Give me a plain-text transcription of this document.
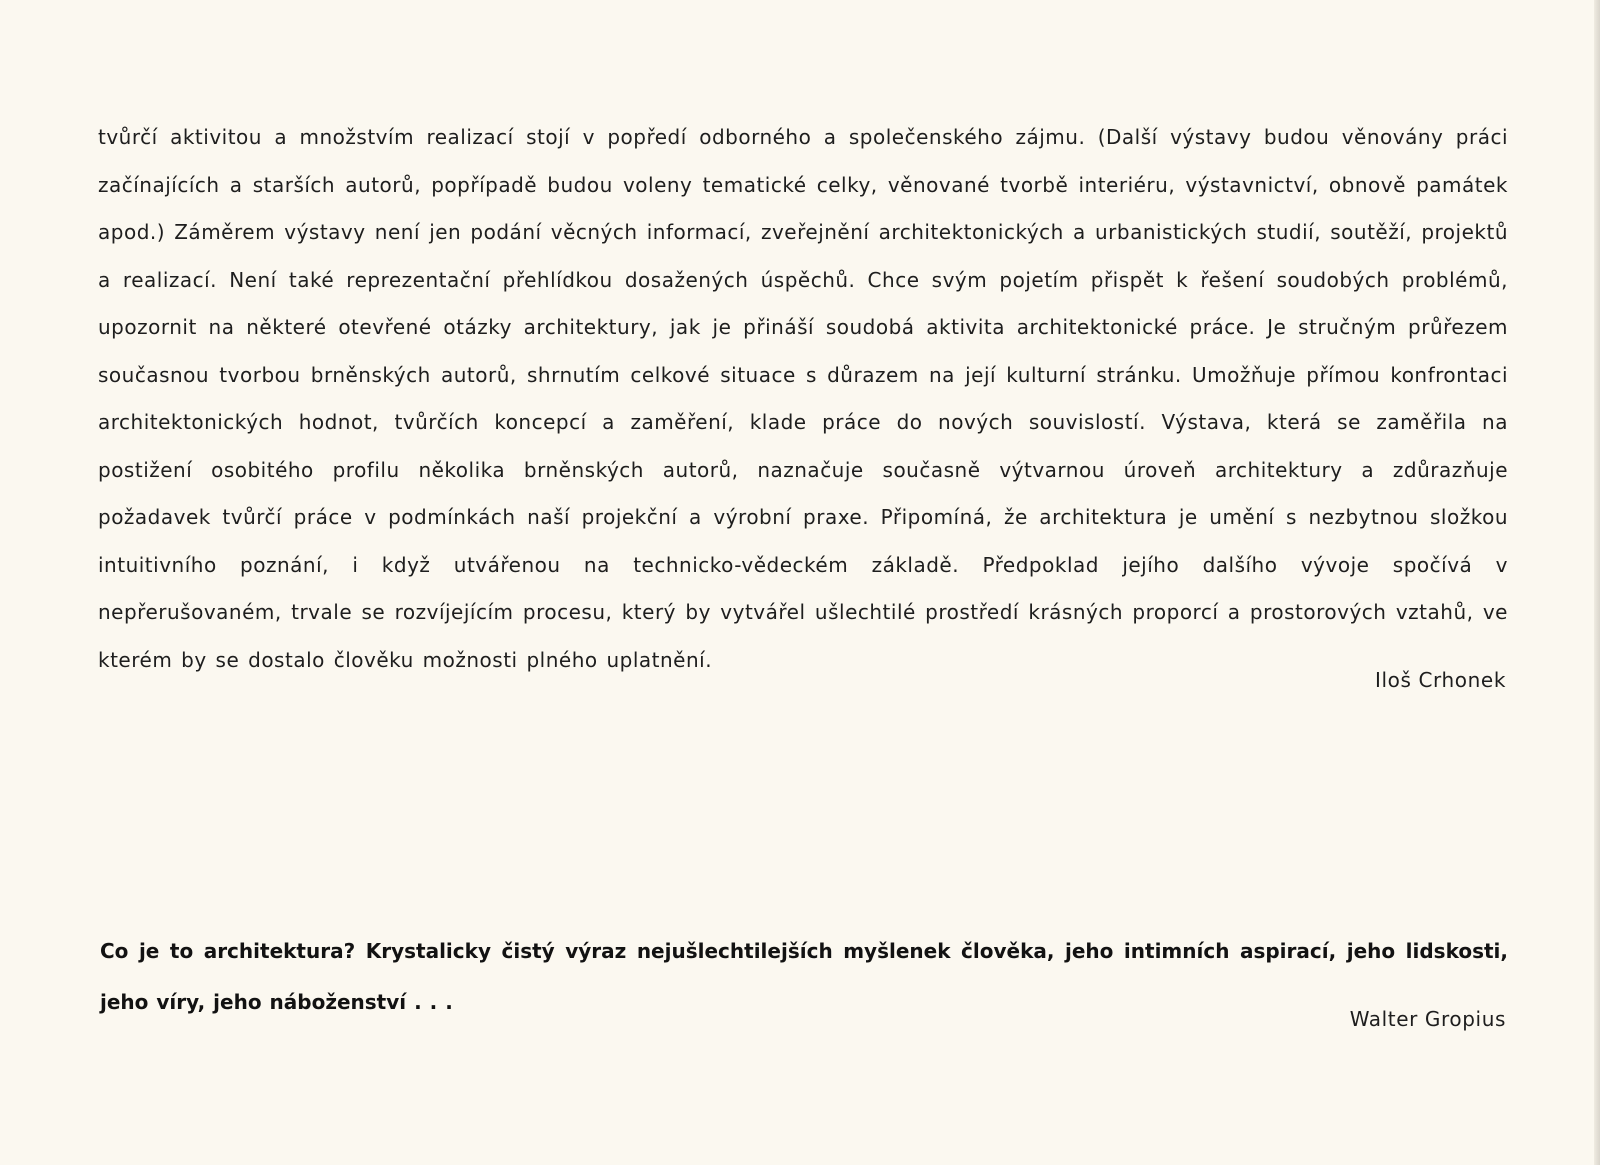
tvůrčí aktivitou a množstvím realizací stojí v popředí odborného a společenského zájmu. (Další výstavy budou věnovány práci začínajících a starších autorů, popřípadě budou voleny tematické celky, věnované tvorbě interiéru, výstavnictví, obnově památek apod.) Záměrem výstavy není jen podání věcných informací, zveřejnění architektonických a urbanistických studií, soutěží, projektů a realizací. Není také reprezentační přehlídkou dosažených úspěchů. Chce svým pojetím přispět k řešení soudobých problémů, upozornit na některé otevřené otázky architektury, jak je přináší soudobá aktivita architektonické práce. Je stručným průřezem současnou tvorbou brněnských autorů, shrnutím celkové situace s důrazem na její kulturní stránku. Umožňuje přímou konfrontaci architektonických hodnot, tvůrčích koncepcí a zaměření, klade práce do nových souvislostí. Výstava, která se zaměřila na postižení osobitého profilu několika brněnských autorů, naznačuje současně výtvarnou úroveň architektury a zdůrazňuje požadavek tvůrčí práce v podmínkách naší projekční a výrobní praxe. Připomíná, že architektura je umění s nezbytnou složkou intuitivního poznání, i když utvářenou na technicko-vědeckém základě. Předpoklad jejího dalšího vývoje spočívá v nepřerušovaném, trvale se rozvíjejícím procesu, který by vytvářel ušlechtilé prostředí krásných proporcí a prostorových vztahů, ve kterém by se dostalo člověku možnosti plného uplatnění.

Iloš Crhonek

Co je to architektura? Krystalicky čistý výraz nejušlechtilejších myšlenek člověka, jeho intimních aspirací, jeho lidskosti, jeho víry, jeho náboženství . . .

Walter Gropius
